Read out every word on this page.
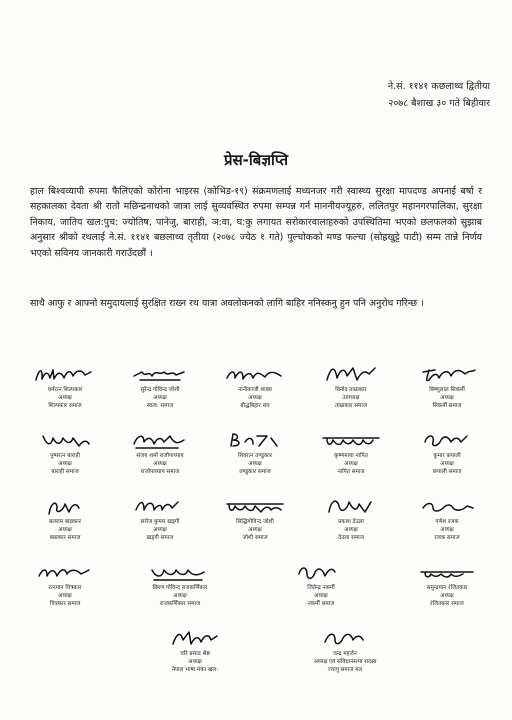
ने.सं. ११४१ कछलाथ्व द्वितीया
२०७८ बैशाख ३० गते बिहीवार
प्रेस-बिज्ञप्ति

हाल बिश्वव्यापी रुपमा फैलिएको कोरोना भाइरस (कोभिड-१९) संक्रमणलाई मध्यनजर गरी स्वास्थ्य सुरक्षा मापदण्ड अपनाई बर्षा र सहकालका देवता श्री रातो मछिन्द्रनाथको जात्रा लाई सुव्यवस्थित रुपमा सम्पन्न गर्न माननीयज्यूहरु, ललितपुर महानगरपालिका, सुरक्षा निकाय, जातिय खल:पुच: ज्योतिष, पानेजु, बाराही, ञ:वा, घ:कु लगायत सरोकारवालाहरुको उपस्थितिमा भएको छलफलको सुझाब अनुसार श्रीको रथलाई ने.सं. ११४१ बछलाथ्व तृतीया (२०७८ ज्येठ १ गते) पुल्चोकको मण्ड फल्चा (सोह्रखुट्टे पाटी) सम्म तान्ने निर्णय भएको सविनय जानकारी गराउँदछौं ।

साथै आफु र आफ्नो समुदायलाई सुरक्षित राख्न रथ यात्रा अवलोकनको लागि बाहिर ननिस्कनु हुन पनि अनुरोध गरिन्छ ।

धर्मरत्न शिल्पकार
अध्यक्ष
शिल्पकार समाज
सुरेन्द्र गोविन्द जोशी
अध्यक्ष
स्वत्व: समाज
नानीकाजी शाक्य
अध्यक्ष
बौद्धबिहार संघ
बिनोद ताम्राकार
उपाध्यक्ष
ताम्राकार समाज
बिष्णुलाल सिकर्मी
अध्यक्ष
सिकर्मी समाज
पुष्परत्न बाराही
अध्यक्ष
बाराही समाज
संजय शर्मा राजोपाध्याय
अध्यक्ष
राजोपाध्याय समाज
शिवरत्न तण्डुकार
अध्यक्ष
तण्डुकार समाज
कृष्णमाया नापित
अध्यक्ष
नापित समाज
कुमार कपाली
अध्यक्ष
कपाली समाज
बलराम बाद्यकार
अध्यक्ष
बाद्यकार समाज
सरोज कुमार खड्गी
अध्यक्ष
खड्गी समाज
सिद्धिगोविन्द जोशी
अध्यक्ष
जोशी समाज
प्रकाश देउला
अध्यक्ष
देउला समाज
गणेश रजक
अध्यक्ष
रजक समाज
रत्नमान चित्रकार
अध्यक्ष
चित्रकार समाज
छिरण गोविन्द राजकर्णिकार
अध्यक्ष
राजकर्णिकार समाज
जितेन्द्र नकर्मी
अध्यक्ष
नकर्मी समाज
समुन्द्रमान रंजितकार
अध्यक्ष
रंजितकार समाज
चरि प्रसाद श्रेष्ठ
अध्यक्ष
नेपाल भाषा मंका खल:
चन्द्र महर्जन
अध्यक्ष एवं संविधानसभा सदस्य
ज्यापु समाज यल
